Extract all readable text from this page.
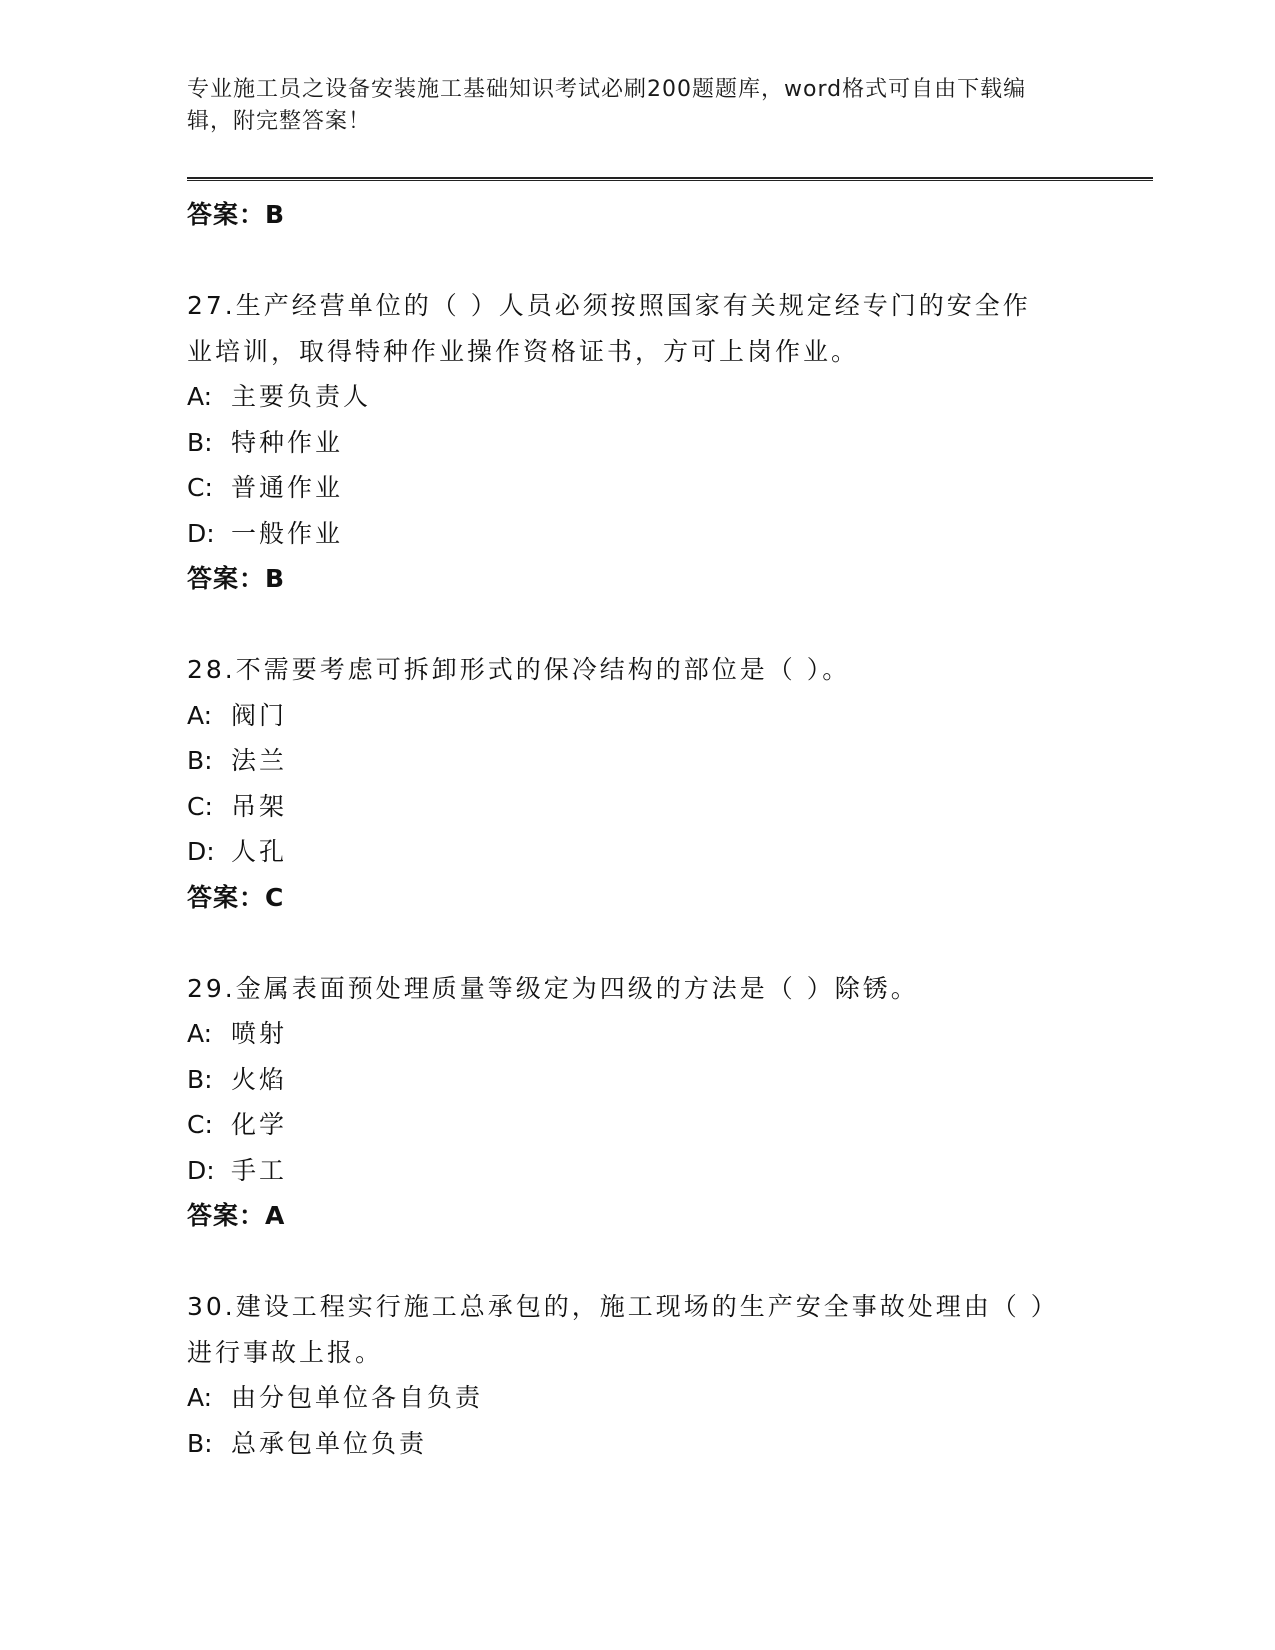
专业施工员之设备安装施工基础知识考试必刷200题题库，word格式可自由下载编辑，附完整答案！
答案：B
27.生产经营单位的（ ）人员必须按照国家有关规定经专门的安全作业培训，取得特种作业操作资格证书，方可上岗作业。
A: 主要负责人
B: 特种作业
C: 普通作业
D: 一般作业
答案：B
28.不需要考虑可拆卸形式的保冷结构的部位是（ ）。
A: 阀门
B: 法兰
C: 吊架
D: 人孔
答案：C
29.金属表面预处理质量等级定为四级的方法是（ ）除锈。
A: 喷射
B: 火焰
C: 化学
D: 手工
答案：A
30.建设工程实行施工总承包的，施工现场的生产安全事故处理由（ ）进行事故上报。
A: 由分包单位各自负责
B: 总承包单位负责
